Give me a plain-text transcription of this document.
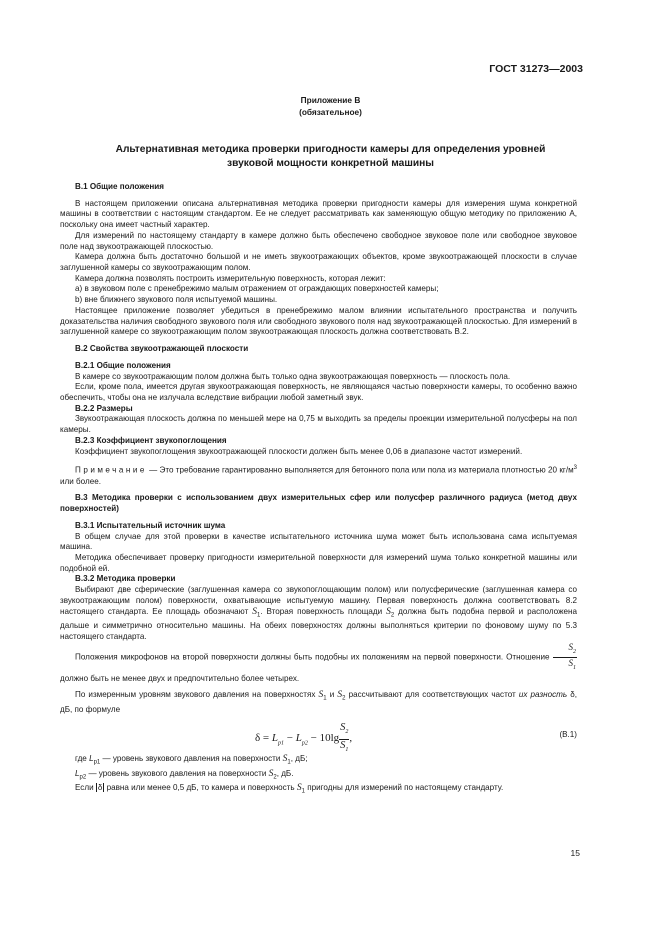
ГОСТ 31273—2003
Приложение В
(обязательное)
Альтернативная методика проверки пригодности камеры для определения уровней
звуковой мощности конкретной машины

В.1 Общие положения

В настоящем приложении описана альтернативная методика проверки пригодности камеры для измерения шума конкретной машины в соответствии с настоящим стандартом. Ее не следует рассматривать как заменяющую общую методику по приложению А, поскольку она имеет частный характер.

Для измерений по настоящему стандарту в камере должно быть обеспечено свободное звуковое поле или свободное звуковое поле над звукоотражающей плоскостью.

Камера должна быть достаточно большой и не иметь звукоотражающих объектов, кроме звукоотражающей плоскости в случае заглушенной камеры со звукоотражающим полом.

Камера должна позволять построить измерительную поверхность, которая лежит:

a) в звуковом поле с пренебрежимо малым отражением от ограждающих поверхностей камеры;

b) вне ближнего звукового поля испытуемой машины.

Настоящее приложение позволяет убедиться в пренебрежимо малом влиянии испытательного пространства и получить доказательства наличия свободного звукового поля или свободного звукового поля над звукоотражающей плоскостью. Для измерений в заглушенной камере со звукоотражающим полом звукоотражающая плоскость должна соответствовать В.2.

В.2 Свойства звукоотражающей плоскости

В.2.1 Общие положения

В камере со звукоотражающим полом должна быть только одна звукоотражающая поверхность — плоскость пола.

Если, кроме пола, имеется другая звукоотражающая поверхность, не являющаяся частью поверхности камеры, то особенно важно обеспечить, чтобы она не излучала вследствие вибрации любой заметный звук.

В.2.2 Размеры

Звукоотражающая плоскость должна по меньшей мере на 0,75 м выходить за пределы проекции измерительной полусферы на пол камеры.

В.2.3 Коэффициент звукопоглощения

Коэффициент звукопоглощения звукоотражающей плоскости должен быть менее 0,06 в диапазоне частот измерений.

Примечание — Это требование гарантированно выполняется для бетонного пола или пола из материала плотностью 20 $кг/м^3$ или более.

В.3 Методика проверки с использованием двух измерительных сфер или полусфер различного радиуса (метод двух поверхностей)

В.3.1 Испытательный источник шума

В общем случае для этой проверки в качестве испытательного источника шума может быть использована сама испытуемая машина.

Методика обеспечивает проверку пригодности измерительной поверхности для измерений шума только конкретной машины или подобной ей.

В.3.2 Методика проверки

Выбирают две сферические (заглушенная камера со звукопоглощающим полом) или полусферические (заглушенная камера со звукоотражающим полом) поверхности, охватывающие испытуемую машину. Первая поверхность должна соответствовать 8.2 настоящего стандарта. Ее площадь обозначают $S_1$. Вторая поверхность площади $S_2$ должна быть подобна первой и расположена дальше и симметрично относительно машины. На обеих поверхностях должны выполняться критерии по фоновому шуму по 5.3 настоящего стандарта.

Положения микрофонов на второй поверхности должны быть подобны их положениям на первой поверхности. Отношение $\frac{S_2}{S_1}$
должно быть не менее двух и предпочтительно более четырех.

По измеренным уровням звукового давления на поверхностях $S_1$ и $S_2$ рассчитывают для соответствующих частот их разность δ, дБ, по формуле

$\delta = L_{p1} - L_{p2} - 10\lg \frac{S_2}{S_1}$ ,	(В.1)

где $L_{p1}$ — уровень звукового давления на поверхности $S_1$, дБ;

$L_{p2}$ — уровень звукового давления на поверхности $S_2$, дБ.

Если δ равна или менее 0,5 дБ, то камера и поверхность $S_1$ пригодны для измерений по настоящему стандарту.

15
